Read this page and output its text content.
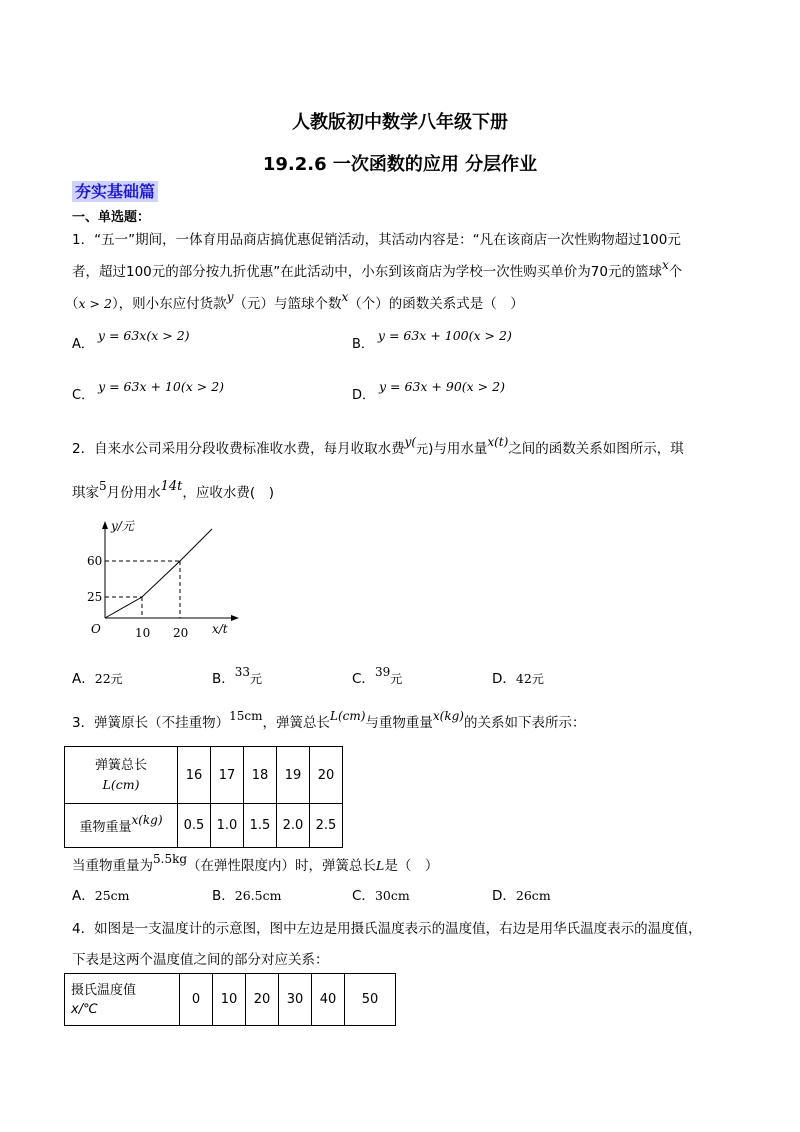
人教版初中数学八年级下册
19.2.6 一次函数的应用 分层作业
夯实基础篇
一、单选题：
1．“五一”期间，一体育用品商店搞优惠促销活动，其活动内容是：“凡在该商店一次性购物超过100元
者，超过100元的部分按九折优惠”在此活动中，小东到该商店为学校一次性购买单价为70元的篮球x个
（x > 2），则小东应付货款y（元）与篮球个数x（个）的函数关系式是（　）
A．y = 63x(x > 2)
B．y = 63x + 100(x > 2)
C．y = 63x + 10(x > 2)
D．y = 63x + 90(x > 2)
2．自来水公司采用分段收费标准收水费，每月收取水费y(元)与用水量x(t)之间的函数关系如图所示，琪
琪家5月份用水14t，应收水费(　)
y/元
x/t
O	10 20
25
60
A．22元	B．33元	C．39元	D．42元
3．弹簧原长（不挂重物）15cm，弹簧总长L(cm)与重物重量x(kg)的关系如下表所示：
弹簧总长
L(cm)	16	17	18	19	20
重物重量x(kg)	0.5	1.0	1.5	2.0	2.5
当重物重量为5.5kg（在弹性限度内）时，弹簧总长L是（　）
A．25cm	B．26.5cm	C．30cm	D．26cm
4．如图是一支温度计的示意图，图中左边是用摄氏温度表示的温度值，右边是用华氏温度表示的温度值，
下表是这两个温度值之间的部分对应关系：
摄氏温度值
x/℃	0	10	20	30	40	50
